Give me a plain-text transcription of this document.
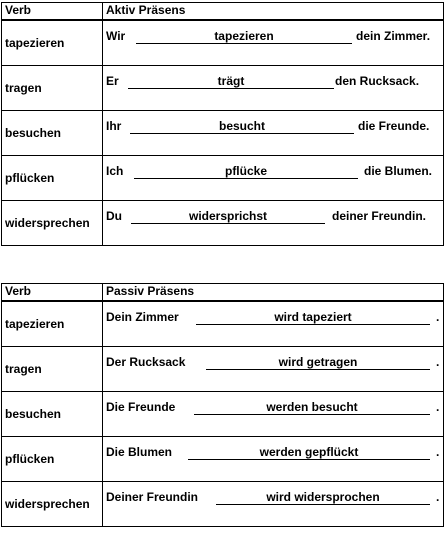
Verb	Aktiv Präsens
tapezieren	Wir tapezieren dein Zimmer.

tragen	Er trägt den Rucksack.

besuchen	Ihr besucht die Freunde.

pflücken	Ich pflücke die Blumen.

widersprechen	Du widersprichst deiner Freundin.
Verb	Passiv Präsens
tapezieren	Dein Zimmer wird tapeziert .

tragen	Der Rucksack wird getragen .

besuchen	Die Freunde werden besucht .

pflücken	Die Blumen werden gepflückt .

widersprechen	Deiner Freundin wird widersprochen .
